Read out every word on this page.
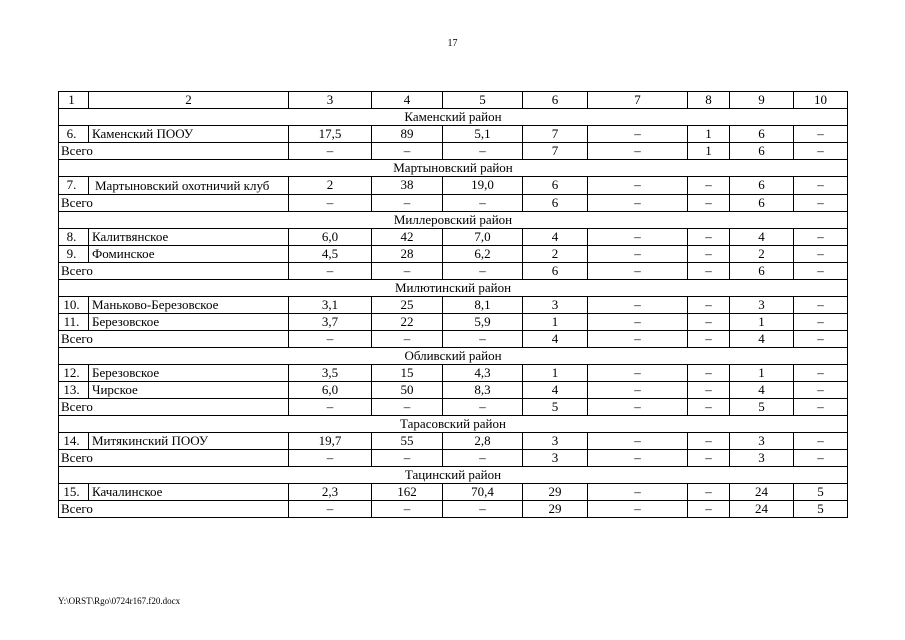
17
1	2	3	4	5	6	7	8	9	10
Каменский район									
6.	Каменский ПООУ	17,5	89	5,1	7	–	1	6	–
Всего		–	–	–	7	–	1	6	–
Мартыновский район									
7.	Мартыновский охотничий клуб	2	38	19,0	6	–	–	6	–
Всего		–	–	–	6	–	–	6	–
Миллеровский район									
8.	Калитвянское	6,0	42	7,0	4	–	–	4	–
9.	Фоминское	4,5	28	6,2	2	–	–	2	–
Всего		–	–	–	6	–	–	6	–
Милютинский район									
10.	Маньково-Березовское	3,1	25	8,1	3	–	–	3	–
11.	Березовское	3,7	22	5,9	1	–	–	1	–
Всего		–	–	–	4	–	–	4	–
Обливский район									
12.	Березовское	3,5	15	4,3	1	–	–	1	–
13.	Чирское	6,0	50	8,3	4	–	–	4	–
Всего		–	–	–	5	–	–	5	–
Тарасовский район									
14.	Митякинский ПООУ	19,7	55	2,8	3	–	–	3	–
Всего		–	–	–	3	–	–	3	–
Тацинский район									
15.	Качалинское	2,3	162	70,4	29	–	–	24	5
Всего		–	–	–	29	–	–	24	5
Y:\ORST\Rgo\0724r167.f20.docx
